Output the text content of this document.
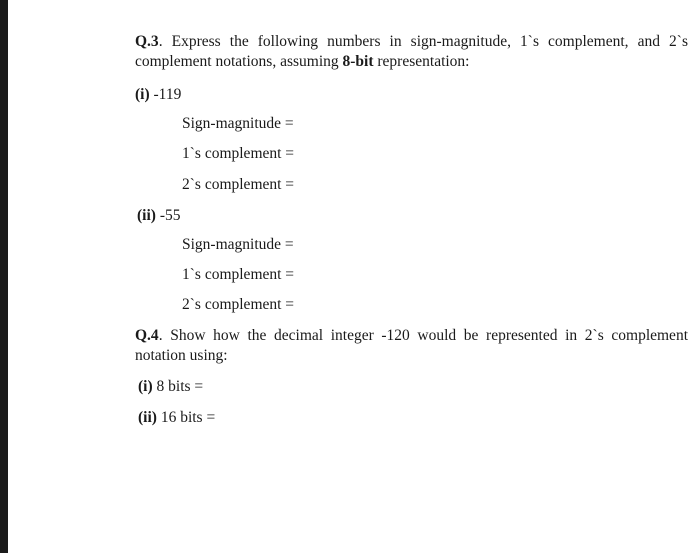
Q.3. Express the following numbers in sign-magnitude, 1`s complement, and 2`s
complement notations, assuming 8-bit representation:
(i) -119
Sign-magnitude =
1`s complement =
2`s complement =
(ii) -55
Sign-magnitude =
1`s complement =
2`s complement =
Q.4. Show how the decimal integer -120 would be represented in 2`s complement
notation using:
(i) 8 bits =
(ii) 16 bits =
